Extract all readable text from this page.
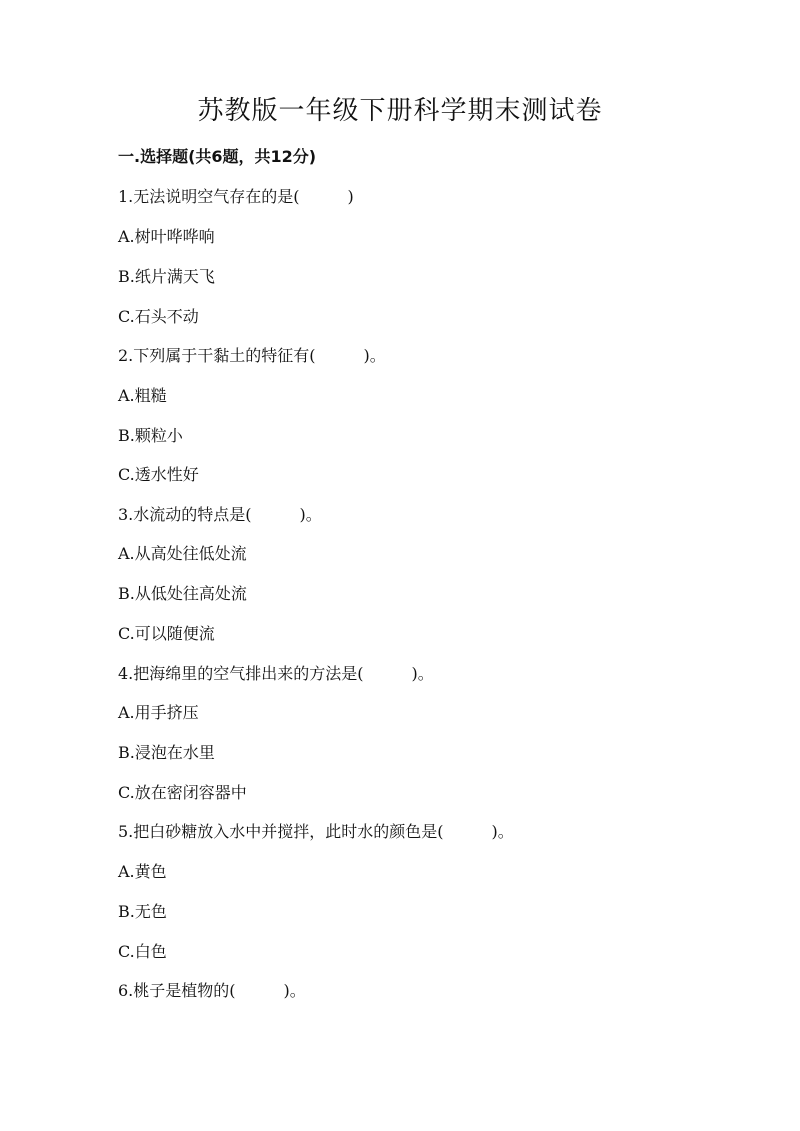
苏教版一年级下册科学期末测试卷
一.选择题(共6题，共12分)
1.无法说明空气存在的是(　　　)
A.树叶哗哗响
B.纸片满天飞
C.石头不动
2.下列属于干黏土的特征有(　　　)。
A.粗糙
B.颗粒小
C.透水性好
3.水流动的特点是(　　　)。
A.从高处往低处流
B.从低处往高处流
C.可以随便流
4.把海绵里的空气排出来的方法是(　　　)。
A.用手挤压
B.浸泡在水里
C.放在密闭容器中
5.把白砂糖放入水中并搅拌，此时水的颜色是(　　　)。
A.黄色
B.无色
C.白色
6.桃子是植物的(　　　)。
